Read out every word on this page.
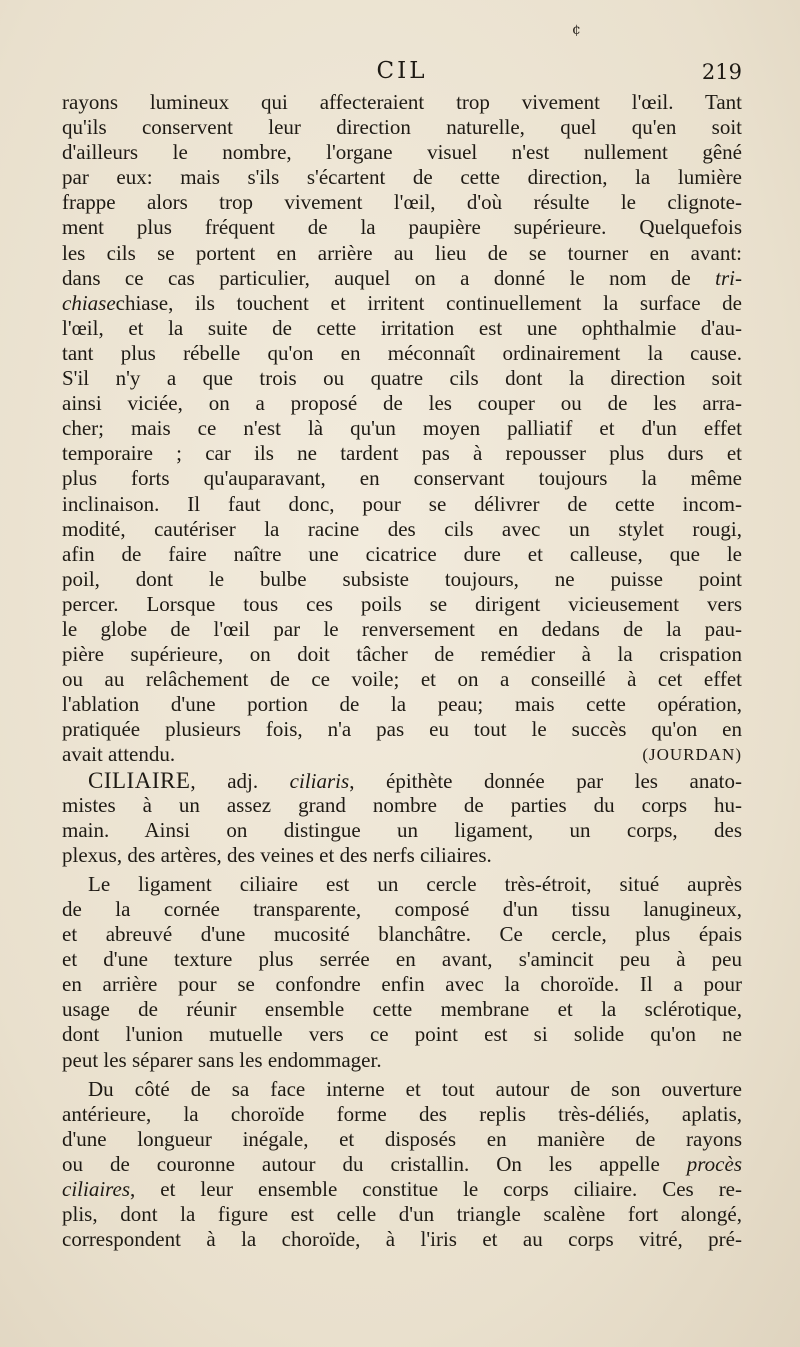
¢
CIL	219
rayons lumineux qui affecteraient trop vivement l'œil. Tant
qu'ils conservent leur direction naturelle, quel qu'en soit
d'ailleurs le nombre, l'organe visuel n'est nullement gêné
par eux: mais s'ils s'écartent de cette direction, la lumière
frappe alors trop vivement l'œil, d'où résulte le clignote-
ment plus fréquent de la paupière supérieure. Quelquefois
les cils se portent en arrière au lieu de se tourner en avant:
dans ce cas particulier, auquel on a donné le nom de tri-
chiasechiase, ils touchent et irritent continuellement la surface de
l'œil, et la suite de cette irritation est une ophthalmie d'au-
tant plus rébelle qu'on en méconnaît ordinairement la cause.
S'il n'y a que trois ou quatre cils dont la direction soit
ainsi viciée, on a proposé de les couper ou de les arra-
cher; mais ce n'est là qu'un moyen palliatif et d'un effet
temporaire ; car ils ne tardent pas à repousser plus durs et
plus forts qu'auparavant, en conservant toujours la même
inclinaison. Il faut donc, pour se délivrer de cette incom-
modité, cautériser la racine des cils avec un stylet rougi,
afin de faire naître une cicatrice dure et calleuse, que le
poil, dont le bulbe subsiste toujours, ne puisse point
percer. Lorsque tous ces poils se dirigent vicieusement vers
le globe de l'œil par le renversement en dedans de la pau-
pière supérieure, on doit tâcher de remédier à la crispation
ou au relâchement de ce voile; et on a conseillé à cet effet
l'ablation d'une portion de la peau; mais cette opération,
pratiquée plusieurs fois, n'a pas eu tout le succès qu'on en
avait attendu.	(JOURDAN)
CILIAIRE, adj. ciliaris, épithète donnée par les anato-
mistes à un assez grand nombre de parties du corps hu-
main. Ainsi on distingue un ligament, un corps, des
plexus, des artères, des veines et des nerfs ciliaires.
Le ligament ciliaire est un cercle très-étroit, situé auprès
de la cornée transparente, composé d'un tissu lanugineux,
et abreuvé d'une mucosité blanchâtre. Ce cercle, plus épais
et d'une texture plus serrée en avant, s'amincit peu à peu
en arrière pour se confondre enfin avec la choroïde. Il a pour
usage de réunir ensemble cette membrane et la sclérotique,
dont l'union mutuelle vers ce point est si solide qu'on ne
peut les séparer sans les endommager.
Du côté de sa face interne et tout autour de son ouverture
antérieure, la choroïde forme des replis très-déliés, aplatis,
d'une longueur inégale, et disposés en manière de rayons
ou de couronne autour du cristallin. On les appelle procès
ciliaires, et leur ensemble constitue le corps ciliaire. Ces re-
plis, dont la figure est celle d'un triangle scalène fort alongé,
correspondent à la choroïde, à l'iris et au corps vitré, pré-
